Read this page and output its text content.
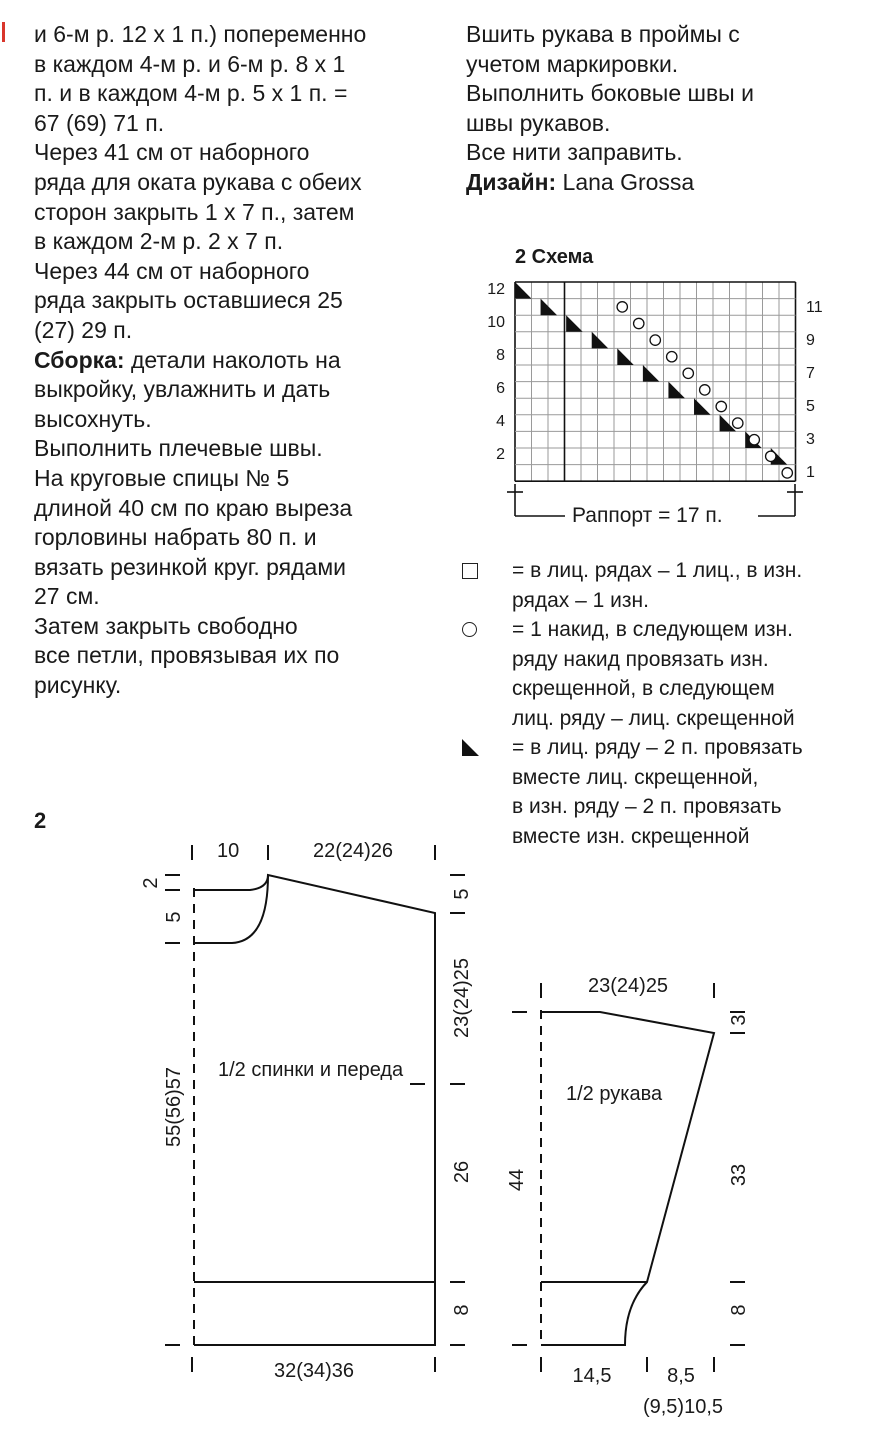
и 6-м р. 12 х 1 п.) попеременно

в каждом 4-м р. и 6-м р. 8 х 1

п. и в каждом 4-м р. 5 х 1 п. =

67 (69) 71 п.

Через 41 см от наборного

ряда для оката рукава с обеих

сторон закрыть 1 х 7 п., затем

в каждом 2-м р. 2 х 7 п.

Через 44 см от наборного

ряда закрыть оставшиеся 25

(27) 29 п.

Сборка: детали наколоть на

выкройку, увлажнить и дать

высохнуть.

Выполнить плечевые швы.

На круговые спицы № 5

длиной 40 см по краю выреза

горловины набрать 80 п. и

вязать резинкой круг. рядами

27 см.

Затем закрыть свободно

все петли, провязывая их по

рисунку.

Вшить рукава в проймы с

учетом маркировки.

Выполнить боковые швы и

швы рукавов.

Все нити заправить.

Дизайн: Lana Grossa

2 Схема
12
10
8
6
4
2
11
9
7
5
3
1
Раппорт = 17 п.
= в лиц. рядах – 1 лиц., в изн.
рядах – 1 изн.
= 1 накид, в следующем изн.
ряду накид провязать изн.
скрещенной, в следующем
лиц. ряду – лиц. скрещенной
= в лиц. ряду – 2 п. провязать
вместе лиц. скрещенной,
в изн. ряду – 2 п. провязать
вместе изн. скрещенной
2
10	22(24)26
2
5
5
23(24)25
26
8
55(56)57 1/2 спинки и переда
32(34)36
23(24)25
3
44	33
8
1/2 рукава
14,5	8,5
(9,5)10,5
